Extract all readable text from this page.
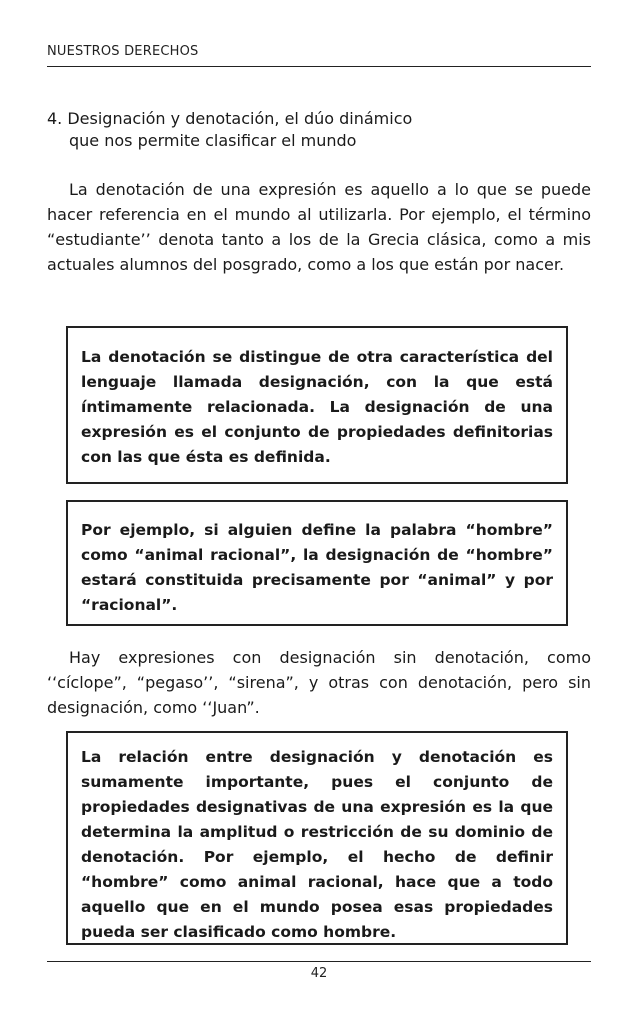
NUESTROS DERECHOS
4. Designación y denotación, el dúo dinámico
que nos permite clasificar el mundo
La denotación de una expresión es aquello a lo que se puede hacer referencia en el mundo al utilizarla. Por ejemplo, el término “estudiante’’ denota tanto a los de la Grecia clásica, como a mis actuales alumnos del posgrado, como a los que están por nacer.

La denotación se distingue de otra característica del lenguaje llamada designación, con la que está íntimamente relacionada. La designación de una expresión es el conjunto de propiedades definitorias con las que ésta es definida.

Por ejemplo, si alguien define la palabra “hombre” como “animal racional”, la designación de “hombre” estará constituida precisamente por “animal” y por “racional”.

Hay expresiones con designación sin denotación, como ‘‘cíclope”, “pegaso’’, “sirena”, y otras con denotación, pero sin designación, como ‘‘Juan”.

La relación entre designación y denotación es sumamente importante, pues el conjunto de propiedades designativas de una expresión es la que determina la amplitud o restricción de su dominio de denotación. Por ejemplo, el hecho de definir “hombre” como animal racional, hace que a todo aquello que en el mundo posea esas propiedades pueda ser clasificado como hombre.

42
